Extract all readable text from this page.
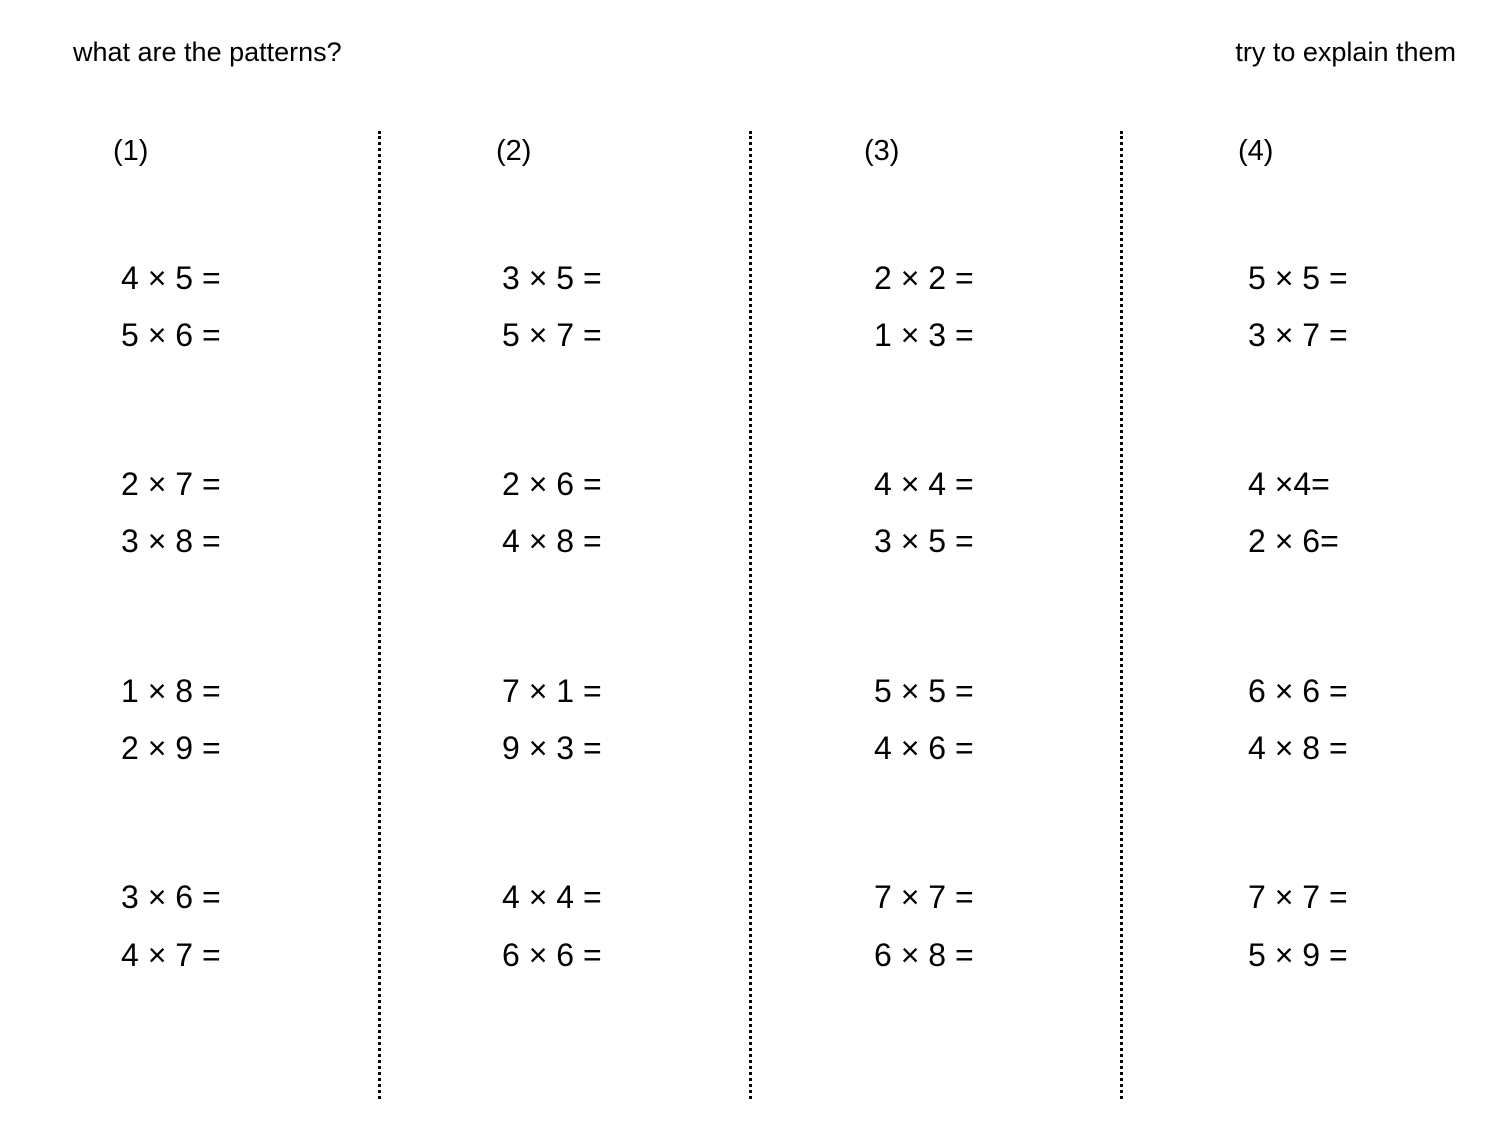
what are the patterns?	try to explain them
(1)
4 × 5 =
5 × 6 =
2 × 7 =
3 × 8 =
1 × 8 =
2 × 9 =
3 × 6 =
4 × 7 =
(2)
3 × 5 =
5 × 7 =
2 × 6 =
4 × 8 =
7 × 1 =
9 × 3 =
4 × 4 =
6 × 6 =
(3)
2 × 2 =
1 × 3 =
4 × 4 =
3 × 5 =
5 × 5 =
4 × 6 =
7 × 7 =
6 × 8 =
(4)
5 × 5 =
3 × 7 =
4 ×4=
2 × 6=
6 × 6 =
4 × 8 =
7 × 7 =
5 × 9 =
